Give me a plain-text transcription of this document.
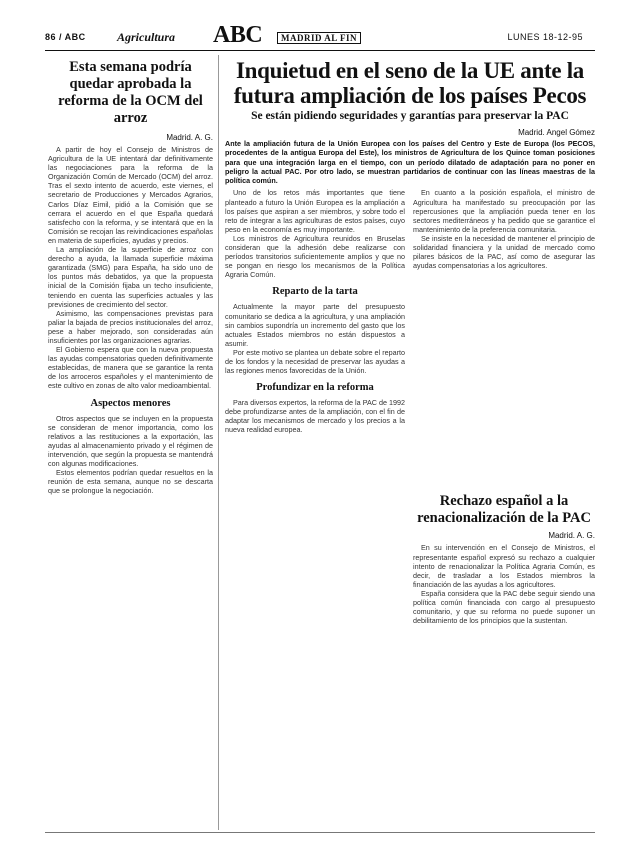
86 / ABC	Agricultura ABC	MADRID AL FIN	LUNES 18-12-95
Esta semana podría quedar aprobada la reforma de la OCM del arroz
Madrid. A. G.

A partir de hoy el Consejo de Ministros de Agricultura de la UE intentará dar definitivamente las negociaciones para la reforma de la Organización Común de Mercado (OCM) del arroz. Tras el sexto intento de acuerdo, este viernes, el secretario de Producciones y Mercados Agrarios, Carlos Díaz Eimil, pidió a la Comisión que se cerrara el acuerdo en el que España quedará satisfecho con la reforma, y se intentará que en la Comisión se recojan las reivindicaciones españolas en materia de superficies, ayudas y precios.

La ampliación de la superficie de arroz con derecho a ayuda, la llamada superficie máxima garantizada (SMG) para España, ha sido uno de los puntos más debatidos, ya que la propuesta inicial de la Comisión fijaba un techo insuficiente, teniendo en cuenta las superficies actuales y las previsiones de crecimiento del sector.

Asimismo, las compensaciones previstas para paliar la bajada de precios institucionales del arroz, pese a haber mejorado, son consideradas aún insuficientes por las organizaciones agrarias.

El Gobierno espera que con la nueva propuesta las ayudas compensatorias queden definitivamente establecidas, de manera que se garantice la renta de los arroceros españoles y el mantenimiento de este cultivo en zonas de alto valor medioambiental.

Aspectos menores

Otros aspectos que se incluyen en la propuesta se consideran de menor importancia, como los relativos a las restituciones a la exportación, las ayudas al almacenamiento privado y el régimen de intervención, que según la propuesta se mantendrá con algunas modificaciones.

Estos elementos podrían quedar resueltos en la reunión de esta semana, aunque no se descarta que se prolongue la negociación.

Inquietud en el seno de la UE ante la futura ampliación de los países Pecos
Se están pidiendo seguridades y garantías para preservar la PAC
Madrid. Angel Gómez
Ante la ampliación futura de la Unión Europea con los países del Centro y Este de Europa (los PECOS, procedentes de la antigua Europa del Este), los ministros de Agricultura de los Quince toman posiciones para que una integración larga en el tiempo, con un período dilatado de adaptación para no poner en peligro la actual PAC. Por otro lado, se muestran partidarios de continuar con las líneas maestras de la política común.

Uno de los retos más importantes que tiene planteado a futuro la Unión Europea es la ampliación a los países que aspiran a ser miembros, y sobre todo el reto de integrar a las agriculturas de estos países, cuyo peso en la economía es muy importante.

Los ministros de Agricultura reunidos en Bruselas consideran que la adhesión debe realizarse con períodos transitorios suficientemente amplios y que no se pongan en riesgo los mecanismos de la Política Agraria Común.

Reparto de la tarta

Actualmente la mayor parte del presupuesto comunitario se dedica a la agricultura, y una ampliación sin cambios supondría un incremento del gasto que los actuales Estados miembros no están dispuestos a asumir.

Por este motivo se plantea un debate sobre el reparto de los fondos y la necesidad de preservar las ayudas a las regiones menos favorecidas de la Unión.

Profundizar en la reforma

Para diversos expertos, la reforma de la PAC de 1992 debe profundizarse antes de la ampliación, con el fin de adaptar los mecanismos de mercado y los precios a la nueva realidad europea.

En cuanto a la posición española, el ministro de Agricultura ha manifestado su preocupación por las repercusiones que la ampliación pueda tener en los sectores mediterráneos y ha pedido que se garantice el mantenimiento de la preferencia comunitaria.

Se insiste en la necesidad de mantener el principio de solidaridad financiera y la unidad de mercado como pilares básicos de la PAC, así como de asegurar las ayudas compensatorias a los agricultores.

Rechazo español a la renacionalización de la PAC
Madrid. A. G.

En su intervención en el Consejo de Ministros, el representante español expresó su rechazo a cualquier intento de renacionalizar la Política Agraria Común, es decir, de trasladar a los Estados miembros la financiación de las ayudas a los agricultores.

España considera que la PAC debe seguir siendo una política común financiada con cargo al presupuesto comunitario, y que su reforma no puede suponer un debilitamiento de los principios que la sustentan.
